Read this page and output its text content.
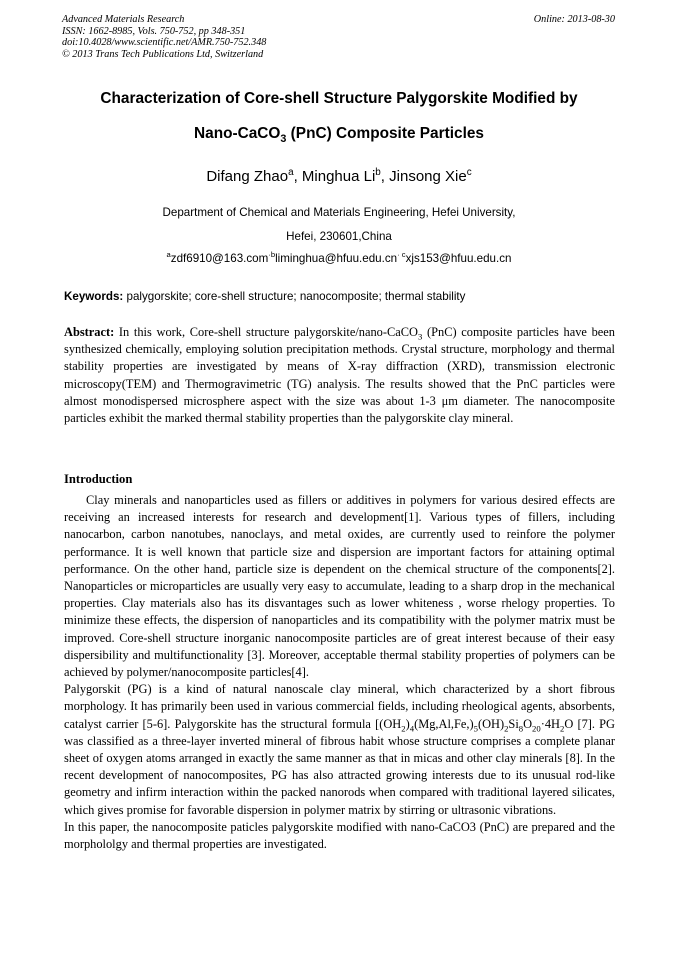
Advanced Materials Research
ISSN: 1662-8985, Vols. 750-752, pp 348-351
doi:10.4028/www.scientific.net/AMR.750-752.348
© 2013 Trans Tech Publications Ltd, Switzerland
Online: 2013-08-30
Characterization of Core-shell Structure Palygorskite Modified by
Nano-CaCO$_3$ (PnC) Composite Particles
Difang Zhao$^a$, Minghua Li$^b$, Jinsong Xie$^c$
Department of Chemical and Materials Engineering, Hefei University,
Hefei, 230601,China
$^azdf6910@163.com^{\cdot b}liminghua@hfuu.edu.cn^{\cdot c}xjs153@hfuu.edu.cn$
Keywords: palygorskite; core-shell structure; nanocomposite; thermal stability
Abstract: In this work, Core-shell structure palygorskite/nano-CaCO$_3$ (PnC) composite particles have been synthesized chemically, employing solution precipitation methods. Crystal structure, morphology and thermal stability properties are investigated by means of X-ray diffraction (XRD), transmission electronic microscopy(TEM) and Thermogravimetric (TG) analysis. The results showed that the PnC particles were almost monodispersed microsphere aspect with the size was about 1-3 μm diameter. The nanocomposite particles exhibit the marked thermal stability properties than the palygorskite clay mineral.
Introduction

Clay minerals and nanoparticles used as fillers or additives in polymers for various desired effects are receiving an increased interests for research and development[1]. Various types of fillers, including nanocarbon, carbon nanotubes, nanoclays, and metal oxides, are currently used to reinfore the polymer performance. It is well known that particle size and dispersion are important factors for attaining optimal performance. On the other hand, particle size is dependent on the chemical structure of the components[2]. Nanoparticles or microparticles are usually very easy to accumulate, leading to a sharp drop in the mechanical properties. Clay materials also has its disvantages such as lower whiteness , worse rhelogy properties. To minimize these effects, the dispersion of nanoparticles and its compatibility with the polymer matrix must be improved. Core-shell structure inorganic nanocomposite particles are of great interest because of their easy dispersibility and multifunctionality [3]. Moreover, acceptable thermal stability properties of polymers can be achieved by polymer/nanocomposite particles[4].

Palygorskit (PG) is a kind of natural nanoscale clay mineral, which characterized by a short fibrous morphology. It has primarily been used in various commercial fields, including rheological agents, absorbents, catalyst carrier [5-6]. Palygorskite has the structural formula [$(OH_2)_4(Mg,Al,Fe,)_5(OH)_2Si_8O_{20}\cdot 4H_2O$ [7]. PG was classified as a three-layer inverted mineral of fibrous habit whose structure comprises a complete planar sheet of oxygen atoms arranged in exactly the same manner as that in micas and other clay minerals [8]. In the recent development of nanocomposites, PG has also attracted growing interests due to its unusual rod-like geometry and infirm interaction within the packed nanorods when compared with traditional layered silicates, which gives promise for favorable dispersion in polymer matrix by stirring or ultrasonic vibrations.

In this paper, the nanocomposite paticles palygorskite modified with nano-CaCO3 (PnC) are prepared and the morphololgy and thermal properties are investigated.
